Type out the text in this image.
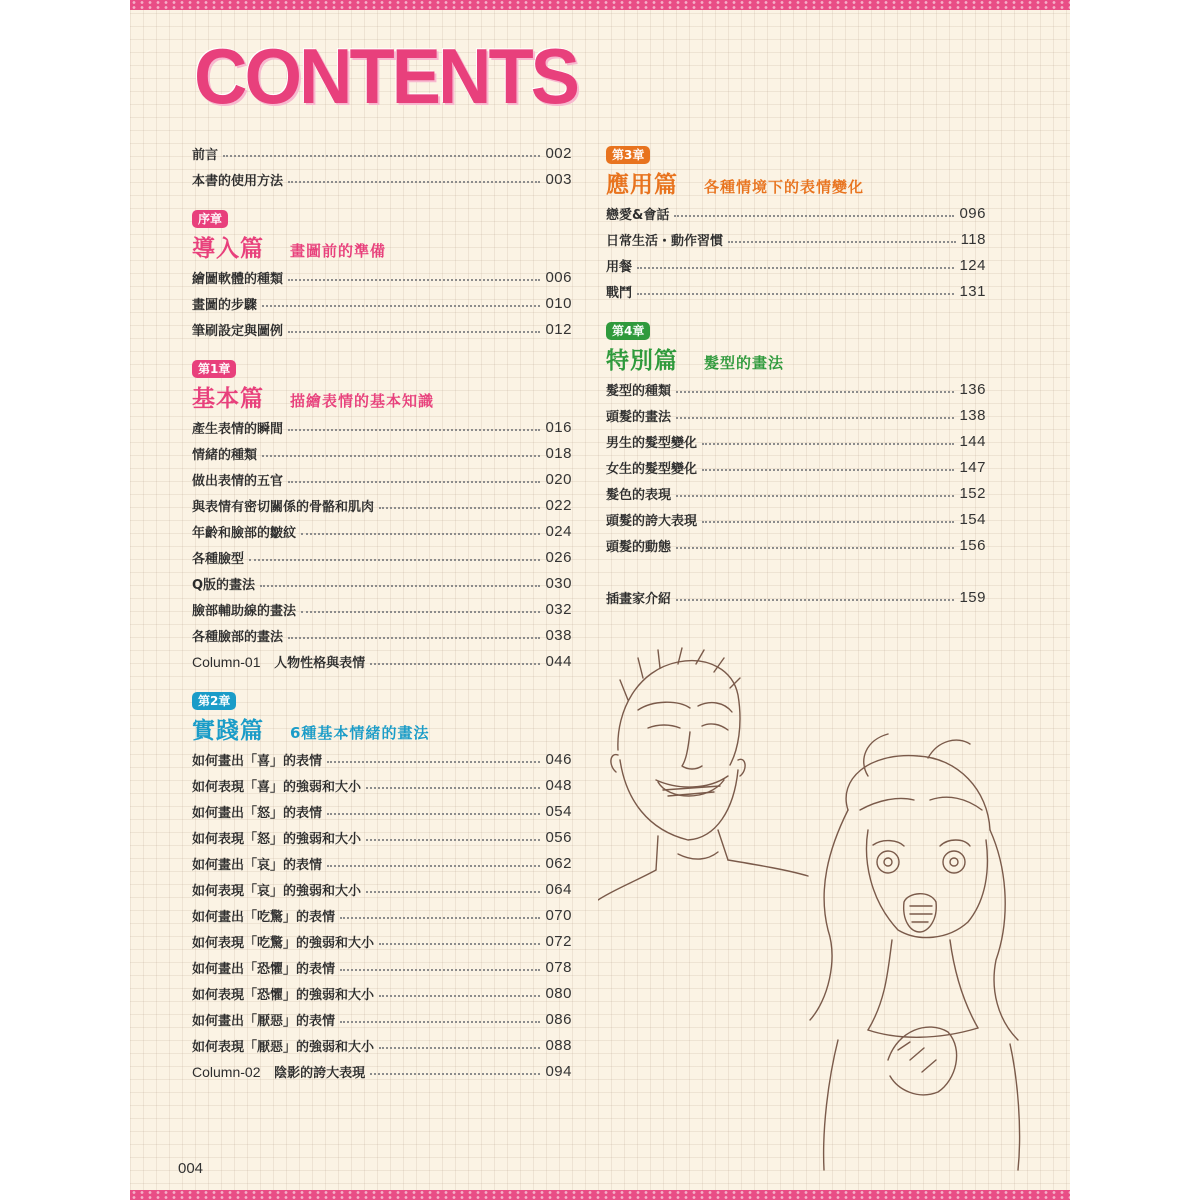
CONTENTS
前言	002
本書的使用方法	003
序章
導入篇 畫圖前的準備
繪圖軟體的種類	006
畫圖的步驟	010
筆刷設定與圖例	012
第1章
基本篇 描繪表情的基本知識
產生表情的瞬間	016
情緒的種類	018
做出表情的五官	020
與表情有密切關係的骨骼和肌肉	022
年齡和臉部的皺紋	024
各種臉型	026
Q版的畫法	030
臉部輔助線的畫法	032
各種臉部的畫法	038
Column-01 人物性格與表情	044
第2章
實踐篇 6種基本情緒的畫法
如何畫出「喜」的表情	046
如何表現「喜」的強弱和大小	048
如何畫出「怒」的表情	054
如何表現「怒」的強弱和大小	056
如何畫出「哀」的表情	062
如何表現「哀」的強弱和大小	064
如何畫出「吃驚」的表情	070
如何表現「吃驚」的強弱和大小	072
如何畫出「恐懼」的表情	078
如何表現「恐懼」的強弱和大小	080
如何畫出「厭惡」的表情	086
如何表現「厭惡」的強弱和大小	088
Column-02 陰影的誇大表現	094
第3章
應用篇 各種情境下的表情變化
戀愛&會話	096
日常生活・動作習慣	118
用餐	124
戰鬥	131
第4章
特別篇 髮型的畫法
髮型的種類	136
頭髮的畫法	138
男生的髮型變化	144
女生的髮型變化	147
髮色的表現	152
頭髮的誇大表現	154
頭髮的動態	156
插畫家介紹	159
004
